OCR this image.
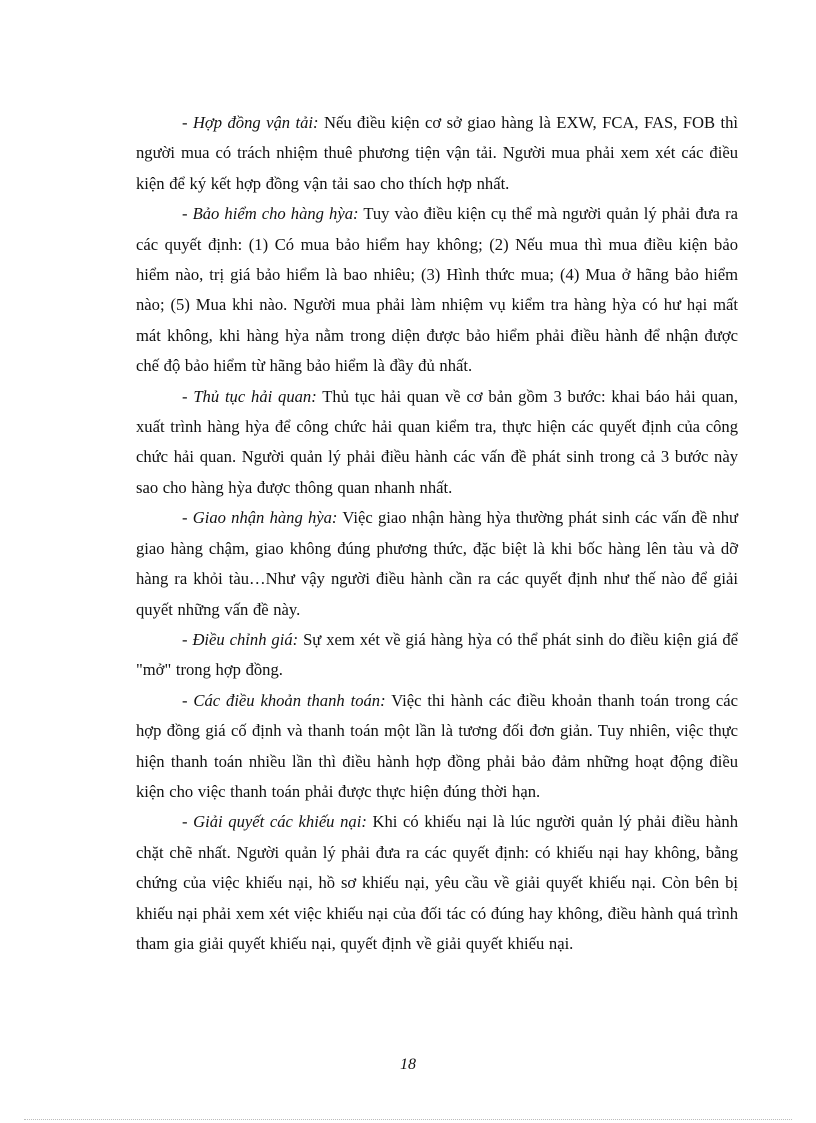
- Hợp đồng vận tải: Nếu điều kiện cơ sở giao hàng là EXW, FCA, FAS, FOB thì người mua có trách nhiệm thuê phương tiện vận tải. Người mua phải xem xét các điều kiện để ký kết hợp đồng vận tải sao cho thích hợp nhất.

- Bảo hiểm cho hàng hỳa: Tuy vào điều kiện cụ thể mà người quản lý phải đưa ra các quyết định: (1) Có mua bảo hiểm hay không; (2) Nếu mua thì mua điều kiện bảo hiểm nào, trị giá bảo hiểm là bao nhiêu; (3) Hình thức mua; (4) Mua ở hãng bảo hiểm nào; (5) Mua khi nào. Người mua phải làm nhiệm vụ kiểm tra hàng hỳa có hư hại mất mát không, khi hàng hỳa nằm trong diện được bảo hiểm phải điều hành để nhận được chế độ bảo hiểm từ hãng bảo hiểm là đầy đủ nhất.

- Thủ tục hải quan: Thủ tục hải quan về cơ bản gồm 3 bước: khai báo hải quan, xuất trình hàng hỳa để công chức hải quan kiểm tra, thực hiện các quyết định của công chức hải quan. Người quản lý phải điều hành các vấn đề phát sinh trong cả 3 bước này sao cho hàng hỳa được thông quan nhanh nhất.

- Giao nhận hàng hỳa: Việc giao nhận hàng hỳa thường phát sinh các vấn đề như giao hàng chậm, giao không đúng phương thức, đặc biệt là khi bốc hàng lên tàu và dỡ hàng ra khỏi tàu…Như vậy người điều hành cần ra các quyết định như thế nào để giải quyết những vấn đề này.

- Điều chỉnh giá: Sự xem xét về giá hàng hỳa có thể phát sinh do điều kiện giá để "mở" trong hợp đồng.

- Các điều khoản thanh toán: Việc thi hành các điều khoản thanh toán trong các hợp đồng giá cố định và thanh toán một lần là tương đối đơn giản. Tuy nhiên, việc thực hiện thanh toán nhiều lần thì điều hành hợp đồng phải bảo đảm những hoạt động điều kiện cho việc thanh toán phải được thực hiện đúng thời hạn.

- Giải quyết các khiếu nại: Khi có khiếu nại là lúc người quản lý phải điều hành chặt chẽ nhất. Người quản lý phải đưa ra các quyết định: có khiếu nại hay không, bằng chứng của việc khiếu nại, hồ sơ khiếu nại, yêu cầu về giải quyết khiếu nại. Còn bên bị khiếu nại phải xem xét việc khiếu nại của đối tác có đúng hay không, điều hành quá trình tham gia giải quyết khiếu nại, quyết định về giải quyết khiếu nại.

18
